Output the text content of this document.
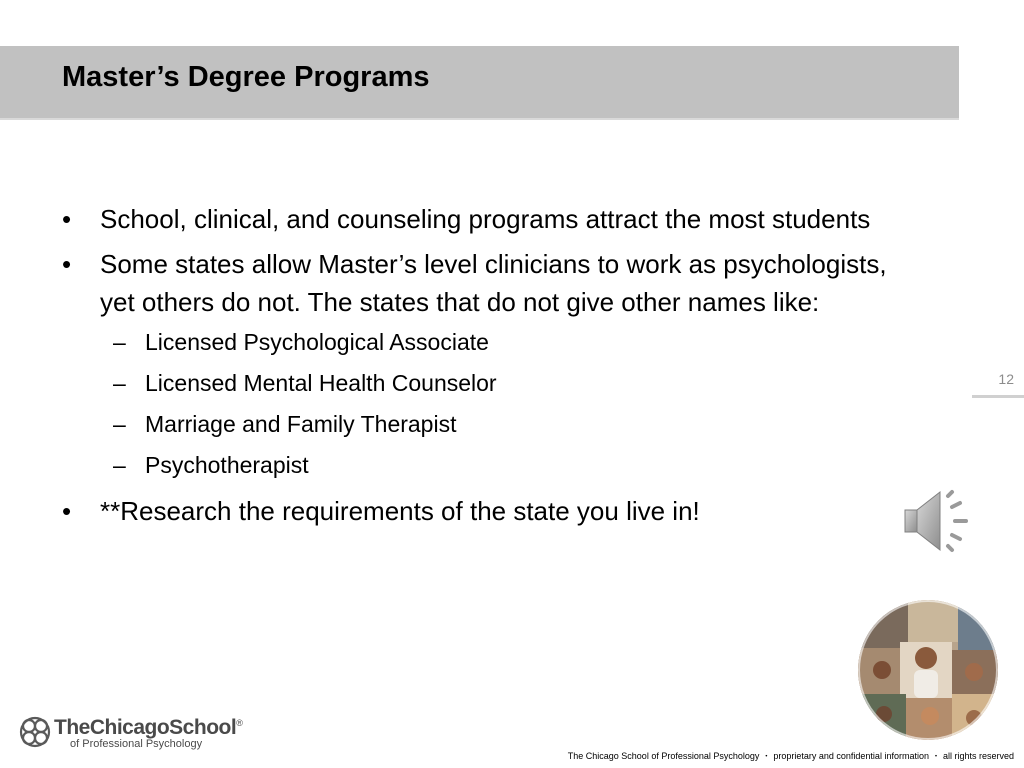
Master’s Degree Programs
• School, clinical, and counseling programs attract the most students
• Some states allow Master’s level clinicians to work as psychologists, yet others do not. The states that do not give other names like:
– Licensed Psychological Associate
– Licensed Mental Health Counselor
– Marriage and Family Therapist
– Psychotherapist
• **Research the requirements of the state you live in!
12
TheChicagoSchool®
of Professional Psychology
The Chicago School of Professional Psychology ・ proprietary and confidential information ・ all rights reserved
